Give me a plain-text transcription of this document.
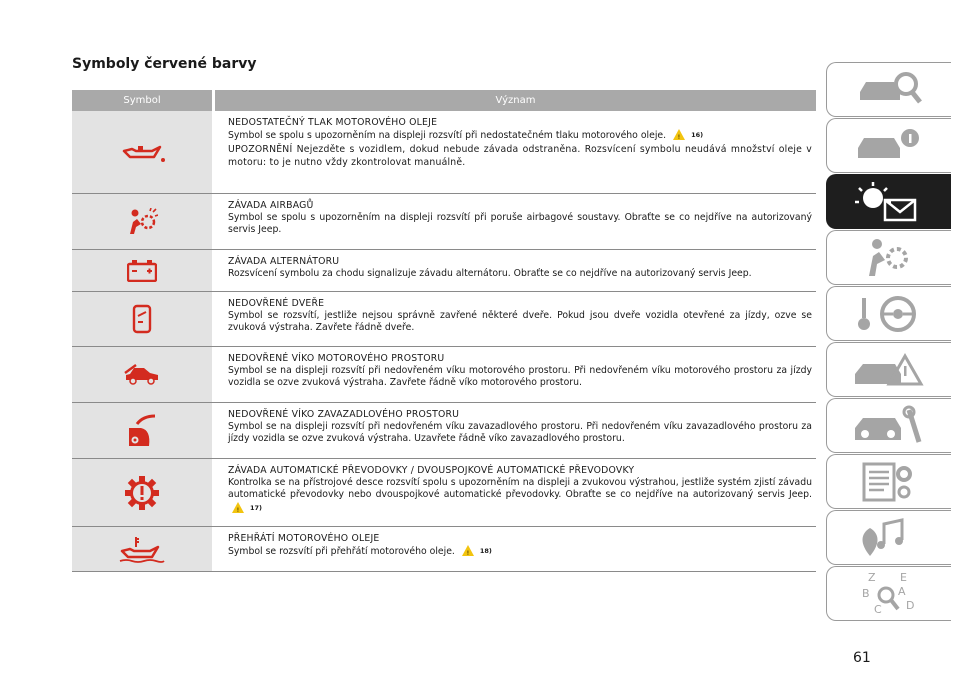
Symboly červené barvy
Symbol	Význam
NEDOSTATEČNÝ TLAK MOTOROVÉHO OLEJE
Symbol se spolu s upozorněním na displeji rozsvítí při nedostatečném tlaku motorového oleje. ! 16)
UPOZORNĚNÍ Nejezděte s vozidlem, dokud nebude závada odstraněna. Rozsvícení symbolu neudává množství oleje v motoru: to je nutno vždy zkontrolovat manuálně.
ZÁVADA AIRBAGŮ
Symbol se spolu s upozorněním na displeji rozsvítí při poruše airbagové soustavy. Obraťte se co nejdříve na autorizovaný servis Jeep.
ZÁVADA ALTERNÁTORU
Rozsvícení symbolu za chodu signalizuje závadu alternátoru. Obraťte se co nejdříve na autorizovaný servis Jeep.
NEDOVŘENÉ DVEŘE
Symbol se rozsvítí, jestliže nejsou správně zavřené některé dveře. Pokud jsou dveře vozidla otevřené za jízdy, ozve se zvuková výstraha. Zavřete řádně dveře.
NEDOVŘENÉ VÍKO MOTOROVÉHO PROSTORU
Symbol se na displeji rozsvítí při nedovřeném víku motorového prostoru. Při nedovřeném víku motorového prostoru za jízdy vozidla se ozve zvuková výstraha. Zavřete řádně víko motorového prostoru.
NEDOVŘENÉ VÍKO ZAVAZADLOVÉHO PROSTORU
Symbol se na displeji rozsvítí při nedovřeném víku zavazadlového prostoru. Při nedovřeném víku zavazadlového prostoru za jízdy vozidla se ozve zvuková výstraha. Uzavřete řádně víko zavazadlového prostoru.
ZÁVADA AUTOMATICKÉ PŘEVODOVKY / DVOUSPOJKOVÉ AUTOMATICKÉ PŘEVODOVKY
Kontrolka se na přístrojové desce rozsvítí spolu s upozorněním na displeji a zvukovou výstrahou, jestliže systém zjistí závadu automatické převodovky nebo dvouspojkové automatické převodovky. Obraťte se co nejdříve na autorizovaný servis Jeep.
! 17)
PŘEHŘÁTÍ MOTOROVÉHO OLEJE
Symbol se rozsvítí při přehřátí motorového oleje. ! 18)
Z E
B	A
C D
61
